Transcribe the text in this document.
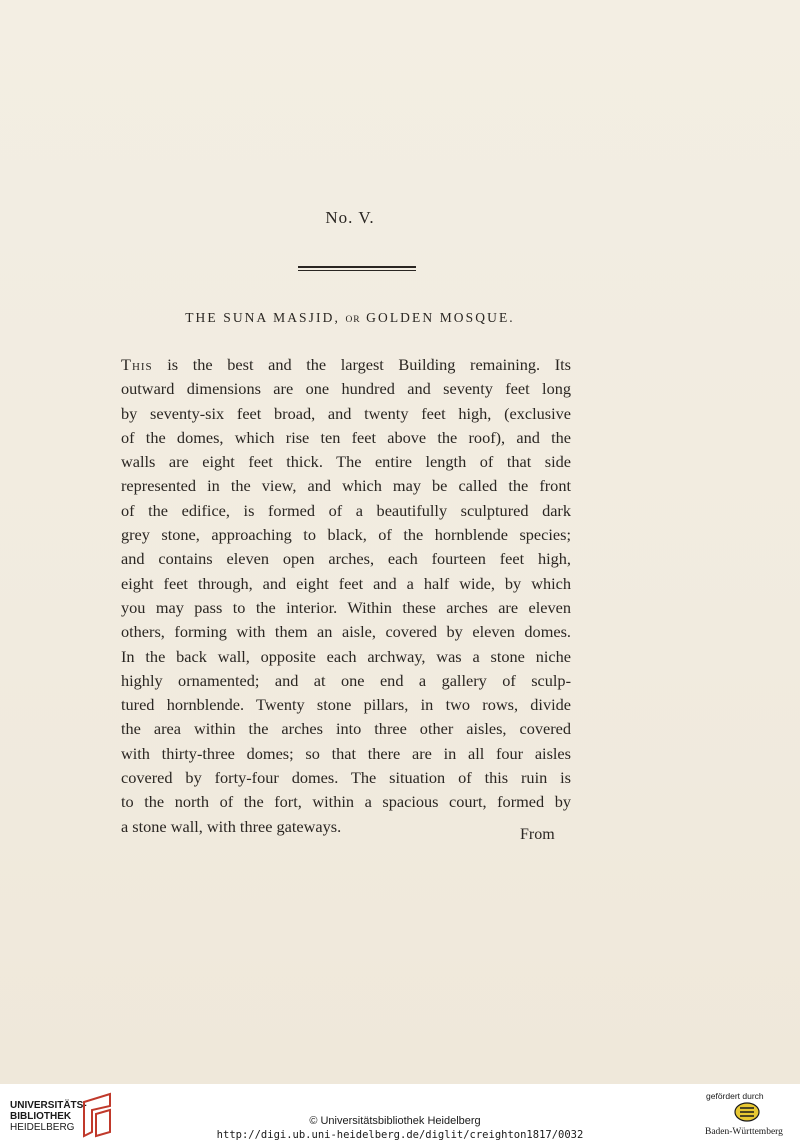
No. V.
THE SUNA MASJID, OR GOLDEN MOSQUE.
This is the best and the largest Building remaining. Its
outward dimensions are one hundred and seventy feet long
by seventy-six feet broad, and twenty feet high, (exclusive
of the domes, which rise ten feet above the roof), and the
walls are eight feet thick. The entire length of that side
represented in the view, and which may be called the front
of the edifice, is formed of a beautifully sculptured dark
grey stone, approaching to black, of the hornblende species;
and contains eleven open arches, each fourteen feet high,
eight feet through, and eight feet and a half wide, by which
you may pass to the interior. Within these arches are eleven
others, forming with them an aisle, covered by eleven domes.
In the back wall, opposite each archway, was a stone niche
highly ornamented; and at one end a gallery of sculp-
tured hornblende. Twenty stone pillars, in two rows, divide
the area within the arches into three other aisles, covered
with thirty-three domes; so that there are in all four aisles
covered by forty-four domes. The situation of this ruin is
to the north of the fort, within a spacious court, formed by
a stone wall, with three gateways.	From
UNIVERSITÄTS-
BIBLIOTHEK
HEIDELBERG
© Universitätsbibliothek Heidelberg
http://digi.ub.uni-heidelberg.de/diglit/creighton1817/0032
gefördert durch
Baden-Württemberg
